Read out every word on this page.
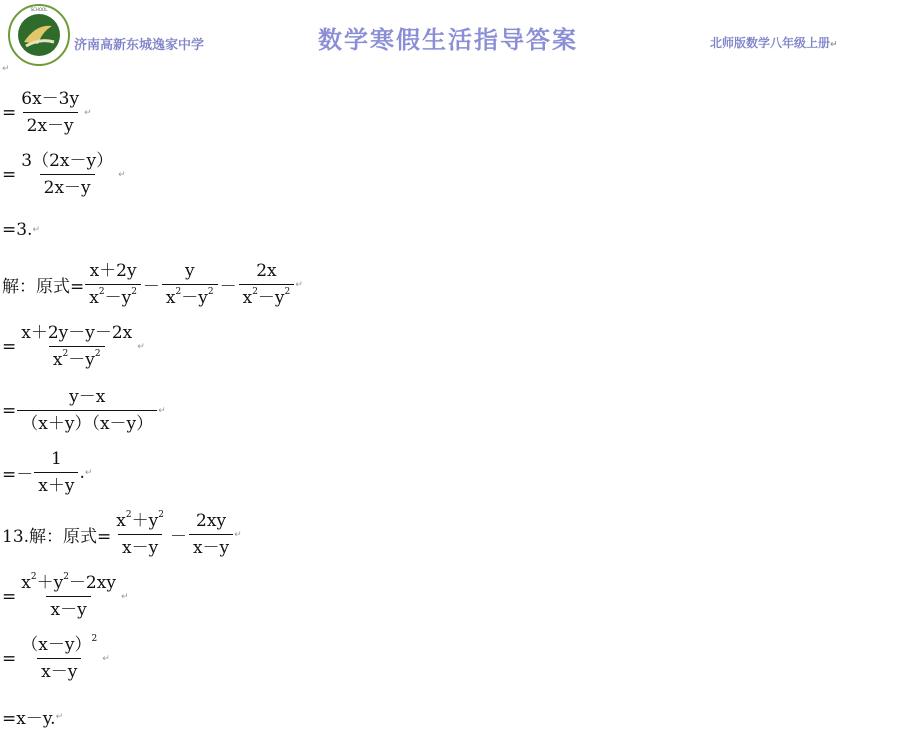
SCHOOL
济南高新东城逸家中学	数学寒假生活指导答案	北师版数学八年级上册↵
↵
= $\frac{6x-3y}{2x-y}$ ↵
= $\frac{3(2x-y)}{2x-y}$ ↵
=3. ↵
解：原式= $\frac{x+2y}{x^2-y^2} - \frac{y}{x^2-y^2} - \frac{2x}{x^2-y^2}$ ↵
= $\frac{x+2y-y-2x}{x^2-y^2}$ ↵
= $\frac{y-x}{(x+y)(x-y)}$ ↵
=－ $\frac{1}{x+y}$ . ↵
13.解：原式= $\frac{x^2+y^2}{x-y} - \frac{2xy}{x-y}$ ↵
= $\frac{x^2+y^2-2xy}{x-y}$ ↵
= $\frac{(x-y)^2}{x-y}$ ↵
=x－y. ↵
